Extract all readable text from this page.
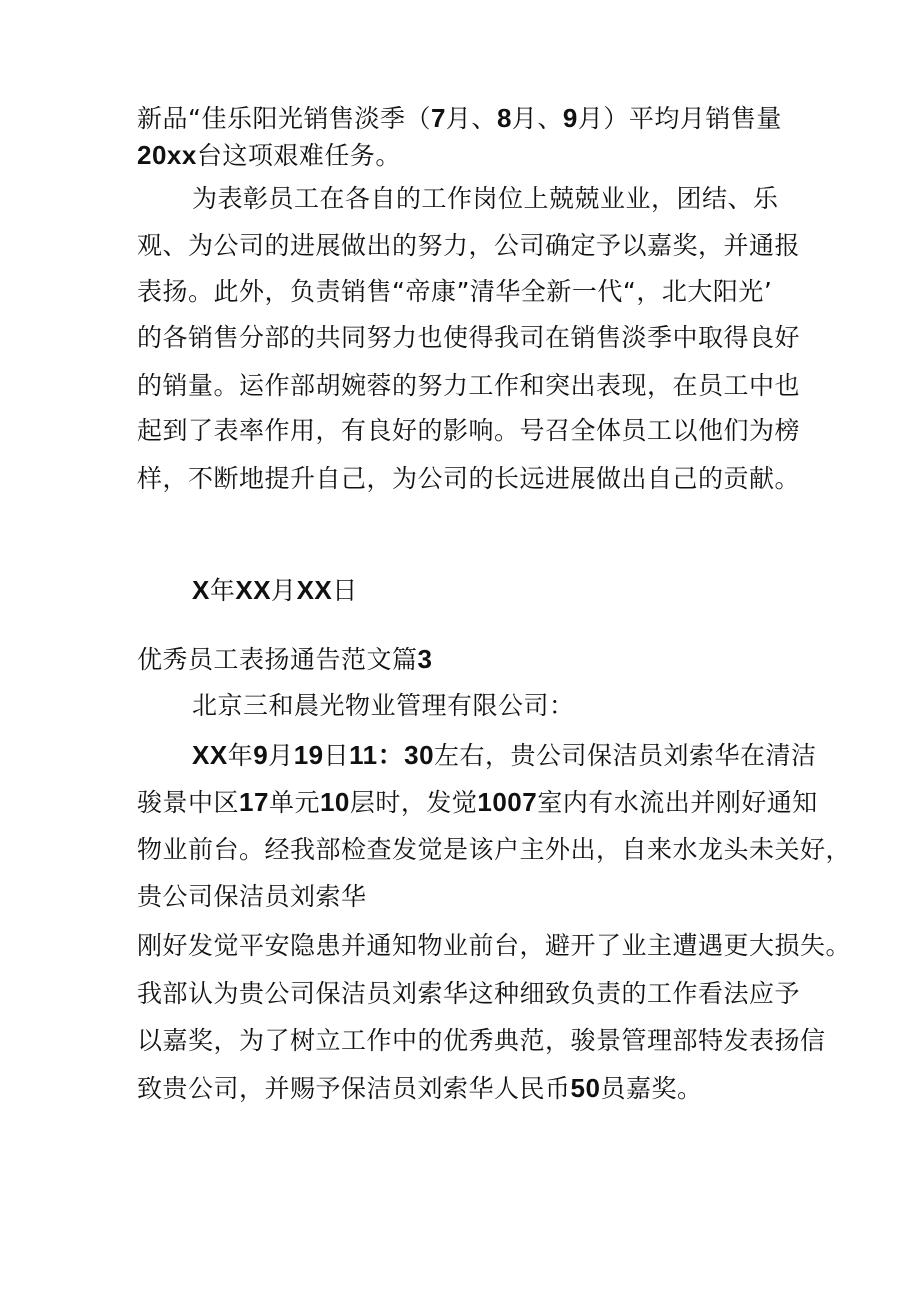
新品“佳乐阳光销售淡季（7月、8月、9月）平均月销售量
20xx台这项艰难任务。
为表彰员工在各自的工作岗位上兢兢业业，团结、乐
观、为公司的进展做出的努力，公司确定予以嘉奖，并通报
表扬。此外，负责销售“帝康”清华全新一代“，北大阳光’
的各销售分部的共同努力也使得我司在销售淡季中取得良好
的销量。运作部胡婉蓉的努力工作和突出表现，在员工中也
起到了表率作用，有良好的影响。号召全体员工以他们为榜
样，不断地提升自己，为公司的长远进展做出自己的贡献。
X年XX月XX日
优秀员工表扬通告范文篇3
北京三和晨光物业管理有限公司：
XX年9月19日11：30左右，贵公司保洁员刘索华在清洁
骏景中区17单元10层时，发觉1007室内有水流出并刚好通知
物业前台。经我部检查发觉是该户主外出，自来水龙头未关好，
贵公司保洁员刘索华
刚好发觉平安隐患并通知物业前台，避开了业主遭遇更大损失。
我部认为贵公司保洁员刘索华这种细致负责的工作看法应予
以嘉奖，为了树立工作中的优秀典范，骏景管理部特发表扬信
致贵公司，并赐予保洁员刘索华人民币50员嘉奖。
